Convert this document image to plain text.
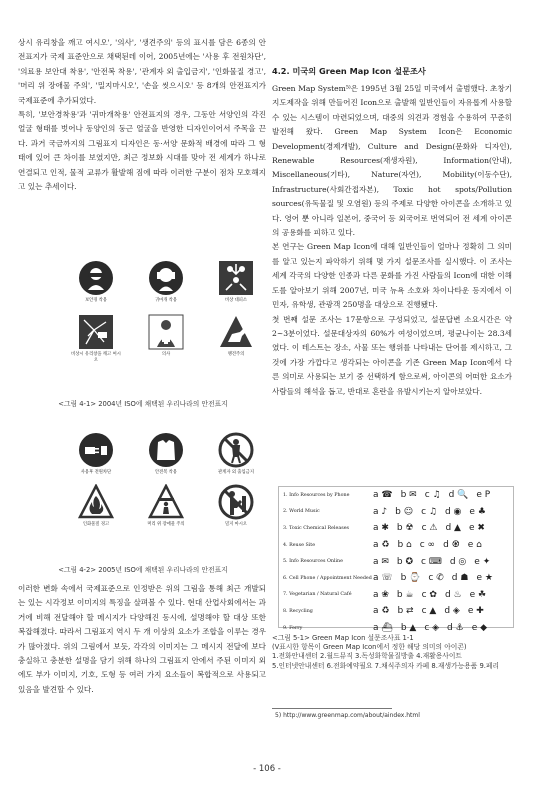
상시 유리창을 깨고 여시오', '의사', '생견주의' 등의 표시를 담은 6종의 안전표지가 국제 표준안으로 채택된데 이어, 2005년에는 '사용 후 전원차단', '의료용 보안대 착용', '안전복 착용', '관계자 외 출입금지', '인화물질 경고', '머리 위 장애물 주의', '밀지마시오', '손을 씻으시오' 등 8개의 안전표지가 국제표준에 추가되었다.

특히, '보안경착용'과 '귀마개착용' 안전표지의 경우, 그동안 서양인의 각진 얼굴 형태를 벗어나 동양인의 둥근 얼굴을 반영한 디자인이어서 주목을 끈다. 과거 국금까지의 그림표지 디자인은 동·서양 문화적 배경에 따라 그 형태에 있어 큰 차이를 보였지만, 최근 정보화 시대를 맞아 전 세계가 하나로 연결되고 인적, 물적 교류가 활발해 짐에 따라 이러한 구분이 점차 모호해지고 있는 추세이다.

보안경 착용	귀마개 착용	비상 대피소
비상시 유리창을 깨고 여시오
의사	맹견주의
<그림 4-1> 2004년 ISO에 채택된 우리나라의 안전표지
사용후 전원차단	안전복 착용	관계자 외 출입금지
인화물질 경고	머리 위 장애물 주의	밀지 마시오
<그림 4-2> 2005년 ISO에 채택된 우리나라의 안전표지

이러한 변화 속에서 국제표준으로 인정받은 위의 그림을 통해 최근 개발되는 있는 시각정보 이미지의 특징을 살펴볼 수 있다. 현대 산업사회에서는 과거에 비해 전달해야 할 메시지가 다양해진 동시에, 설명해야 할 대상 또한 복잡해졌다. 따라서 그림표지 역시 두 개 이상의 요소가 조합을 이루는 경우가 많아졌다. 위의 그림에서 보듯, 각각의 이미지는 그 메시지 전달에 보다 충실하고 충분한 설명을 담기 위해 하나의 그림표지 안에서 주된 이미지 외에도 부가 이미지, 기호, 도형 등 여러 가지 요소들이 복합적으로 사용되고 있음을 발견할 수 있다.

4.2. 미국의 Green Map Icon 설문조사

Green Map System⁵⁾은 1995년 3월 25일 미국에서 출범했다. 초창기 지도제작을 위해 만들어진 Icon으로 출발해 일반인들이 자유롭게 사용할 수 있는 시스템이 마련되었으며, 대중의 의견과 경험을 수용하여 꾸준히 발전해 왔다. Green Map System Icon은 Economic Development(경제개발), Culture and Design(문화와 디자인), Renewable Resources(재생자원), Information(안내), Miscellaneous(기타), Nature(자연), Mobility(이동수단), Infrastructure(사회간접자본), Toxic hot spots/Pollution sources(유독물질 및 오염원) 등의 주제로 다양한 아이콘을 소개하고 있다. 영어 뿐 아니라 일본어, 중국어 등 외국어로 번역되어 전 세계 아이콘의 공용화를 피하고 있다.

본 연구는 Green Map Icon에 대해 일반인들이 얼마나 정확히 그 의미를 알고 있는지 파악하기 위해 몇 가지 설문조사를 실시했다. 이 조사는 세계 각국의 다양한 인종과 다른 문화를 가진 사람들의 Icon에 대한 이해도를 알아보기 위해 2007년, 미국 뉴욕 소호와 차이나타운 등지에서 이민자, 유학생, 관광객 250명을 대상으로 진행됐다.

첫 번째 설문 조사는 17문항으로 구성되었고, 설문답변 소요시간은 약 2~3분이었다. 설문대상자의 60%가 여성이었으며, 평균나이는 28.3세였다. 이 테스트는 장소, 사물 또는 행위를 나타내는 단어를 제시하고, 그것에 가장 가깝다고 생각되는 아이콘을 기존 Green Map Icon에서 다른 의미로 사용되는 보기 중 선택하게 함으로써, 아이콘의 어떠한 요소가 사람들의 해석을 돕고, 반대로 혼란을 유발시키는지 알아보았다.

1. Info Resources by Phone	a ☎ b ✉ c ♫ d 🔍 e P
2. World Music	a ♪ b ☺ c ♫ d ◉ e ♣
3. Toxic Chemical Releases	a ✱ b ☢ c ⚠ d ▲ e ✖
4. Reuse Site	a ♻ b ⌂ c ∞ d ♼ e ⌂
5. Info Resources Online	a ✉ b ✪ c ⌨ d ◎ e ✦
6. Cell Phone / Appointment Needed a ☏ b ⌚ c ✆ d ☗ e ★
7. Vegetarian / Natural Café	a ❀ b ☕ c ✿ d ♨ e ☘
8. Recycling	a ♻ b ⇄ c ▲ d ◈ e ✚
9. Ferry	a ⛴ b ▲ c ◈ d ⚓ e ◆
<그림 5-1> Green Map Icon 설문조사표 1-1
(V표시한 항목이 Green Map Icon에서 정한 해당 의미의 아이콘)
1.전화안내센터 2.월드뮤직 3.독성화학물질방출 4.재활용사이트
5.인터넷안내센터 6.전화예약필요 7.채식주의자 카페 8.재생가능용품 9.페리
5) http://www.greenmap.com/about/aindex.html
- 106 -
